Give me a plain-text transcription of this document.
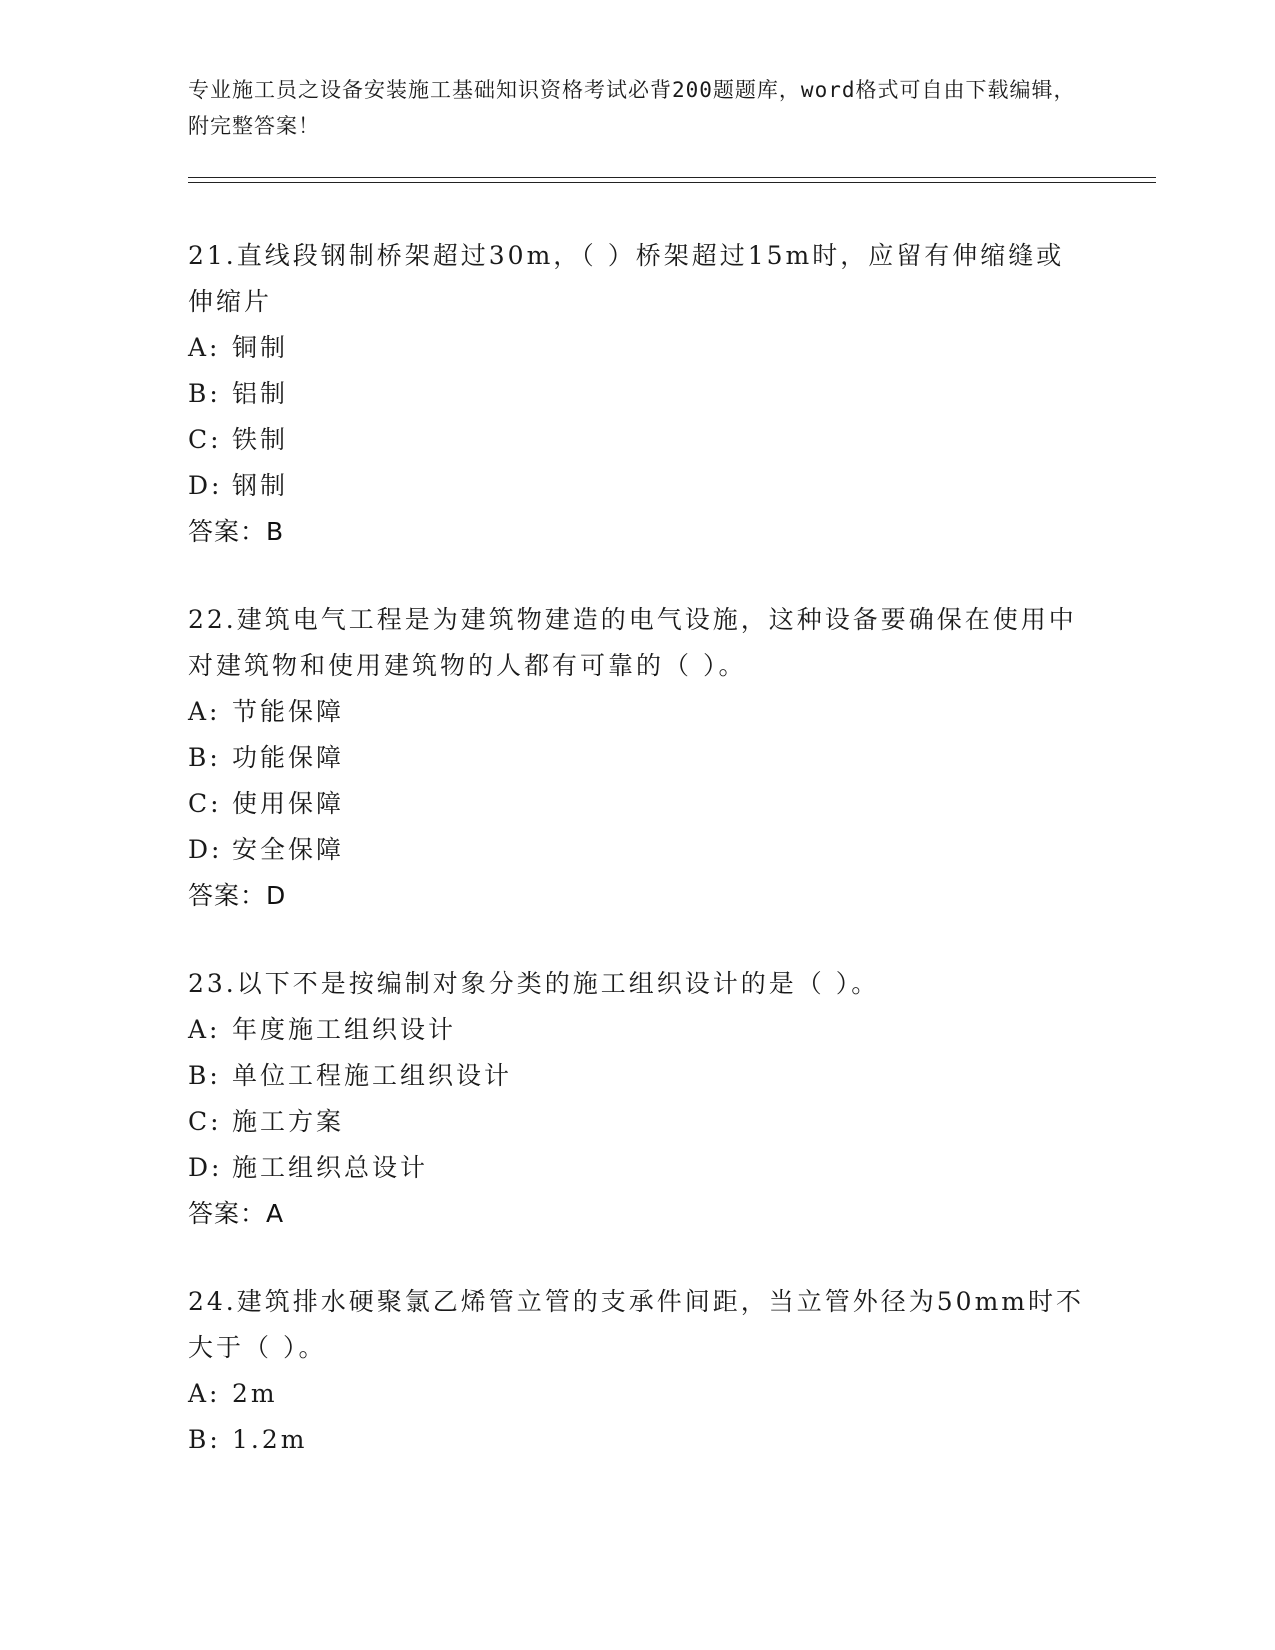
专业施工员之设备安装施工基础知识资格考试必背200题题库，word格式可自由下载编辑，附完整答案！

21.直线段钢制桥架超过30m，（ ）桥架超过15m时，应留有伸缩缝或伸缩片

A: 铜制
B: 铝制
C: 铁制
D: 钢制
答案：B

22.建筑电气工程是为建筑物建造的电气设施，这种设备要确保在使用中对建筑物和使用建筑物的人都有可靠的（ ）。

A: 节能保障
B: 功能保障
C: 使用保障
D: 安全保障
答案：D

23.以下不是按编制对象分类的施工组织设计的是（ ）。

A: 年度施工组织设计
B: 单位工程施工组织设计
C: 施工方案
D: 施工组织总设计
答案：A

24.建筑排水硬聚氯乙烯管立管的支承件间距，当立管外径为50mm时不大于（ ）。

A: 2m
B: 1.2m
